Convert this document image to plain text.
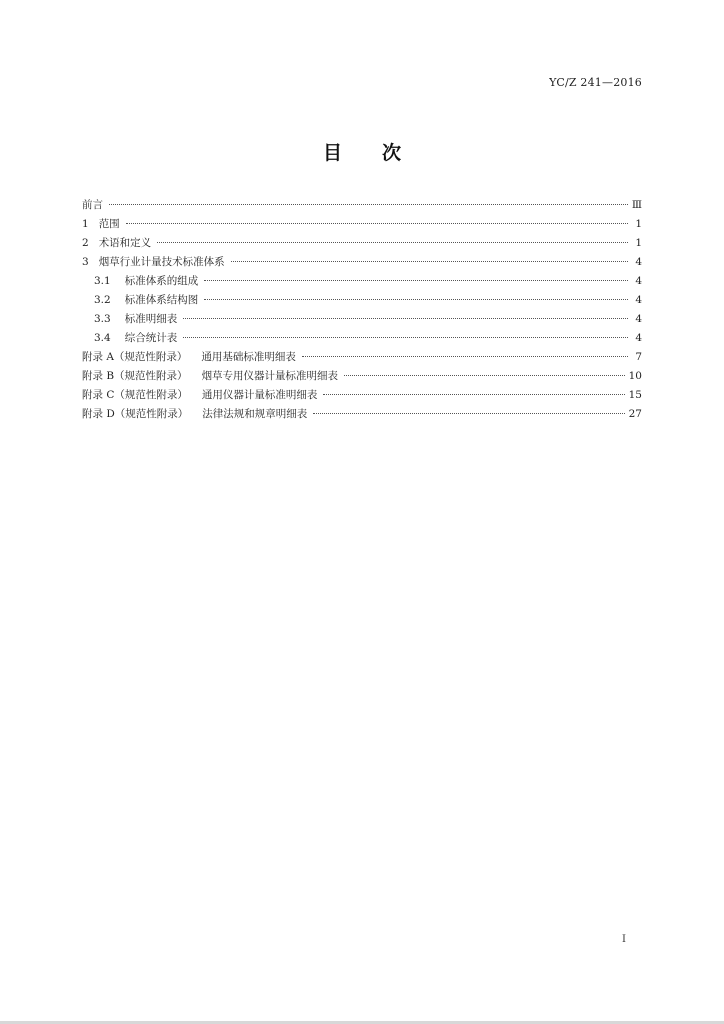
YC/Z 241—2016
目次
前言	Ⅲ
1 范围	1
2 术语和定义	1
3 烟草行业计量技术标准体系	4
3.1 标准体系的组成	4
3.2 标准体系结构图	4
3.3 标准明细表	4
3.4 综合统计表	4
附录 A（规范性附录） 通用基础标准明细表	7
附录 B（规范性附录） 烟草专用仪器计量标准明细表	10
附录 C（规范性附录） 通用仪器计量标准明细表	15
附录 D（规范性附录） 法律法规和规章明细表	27
I
